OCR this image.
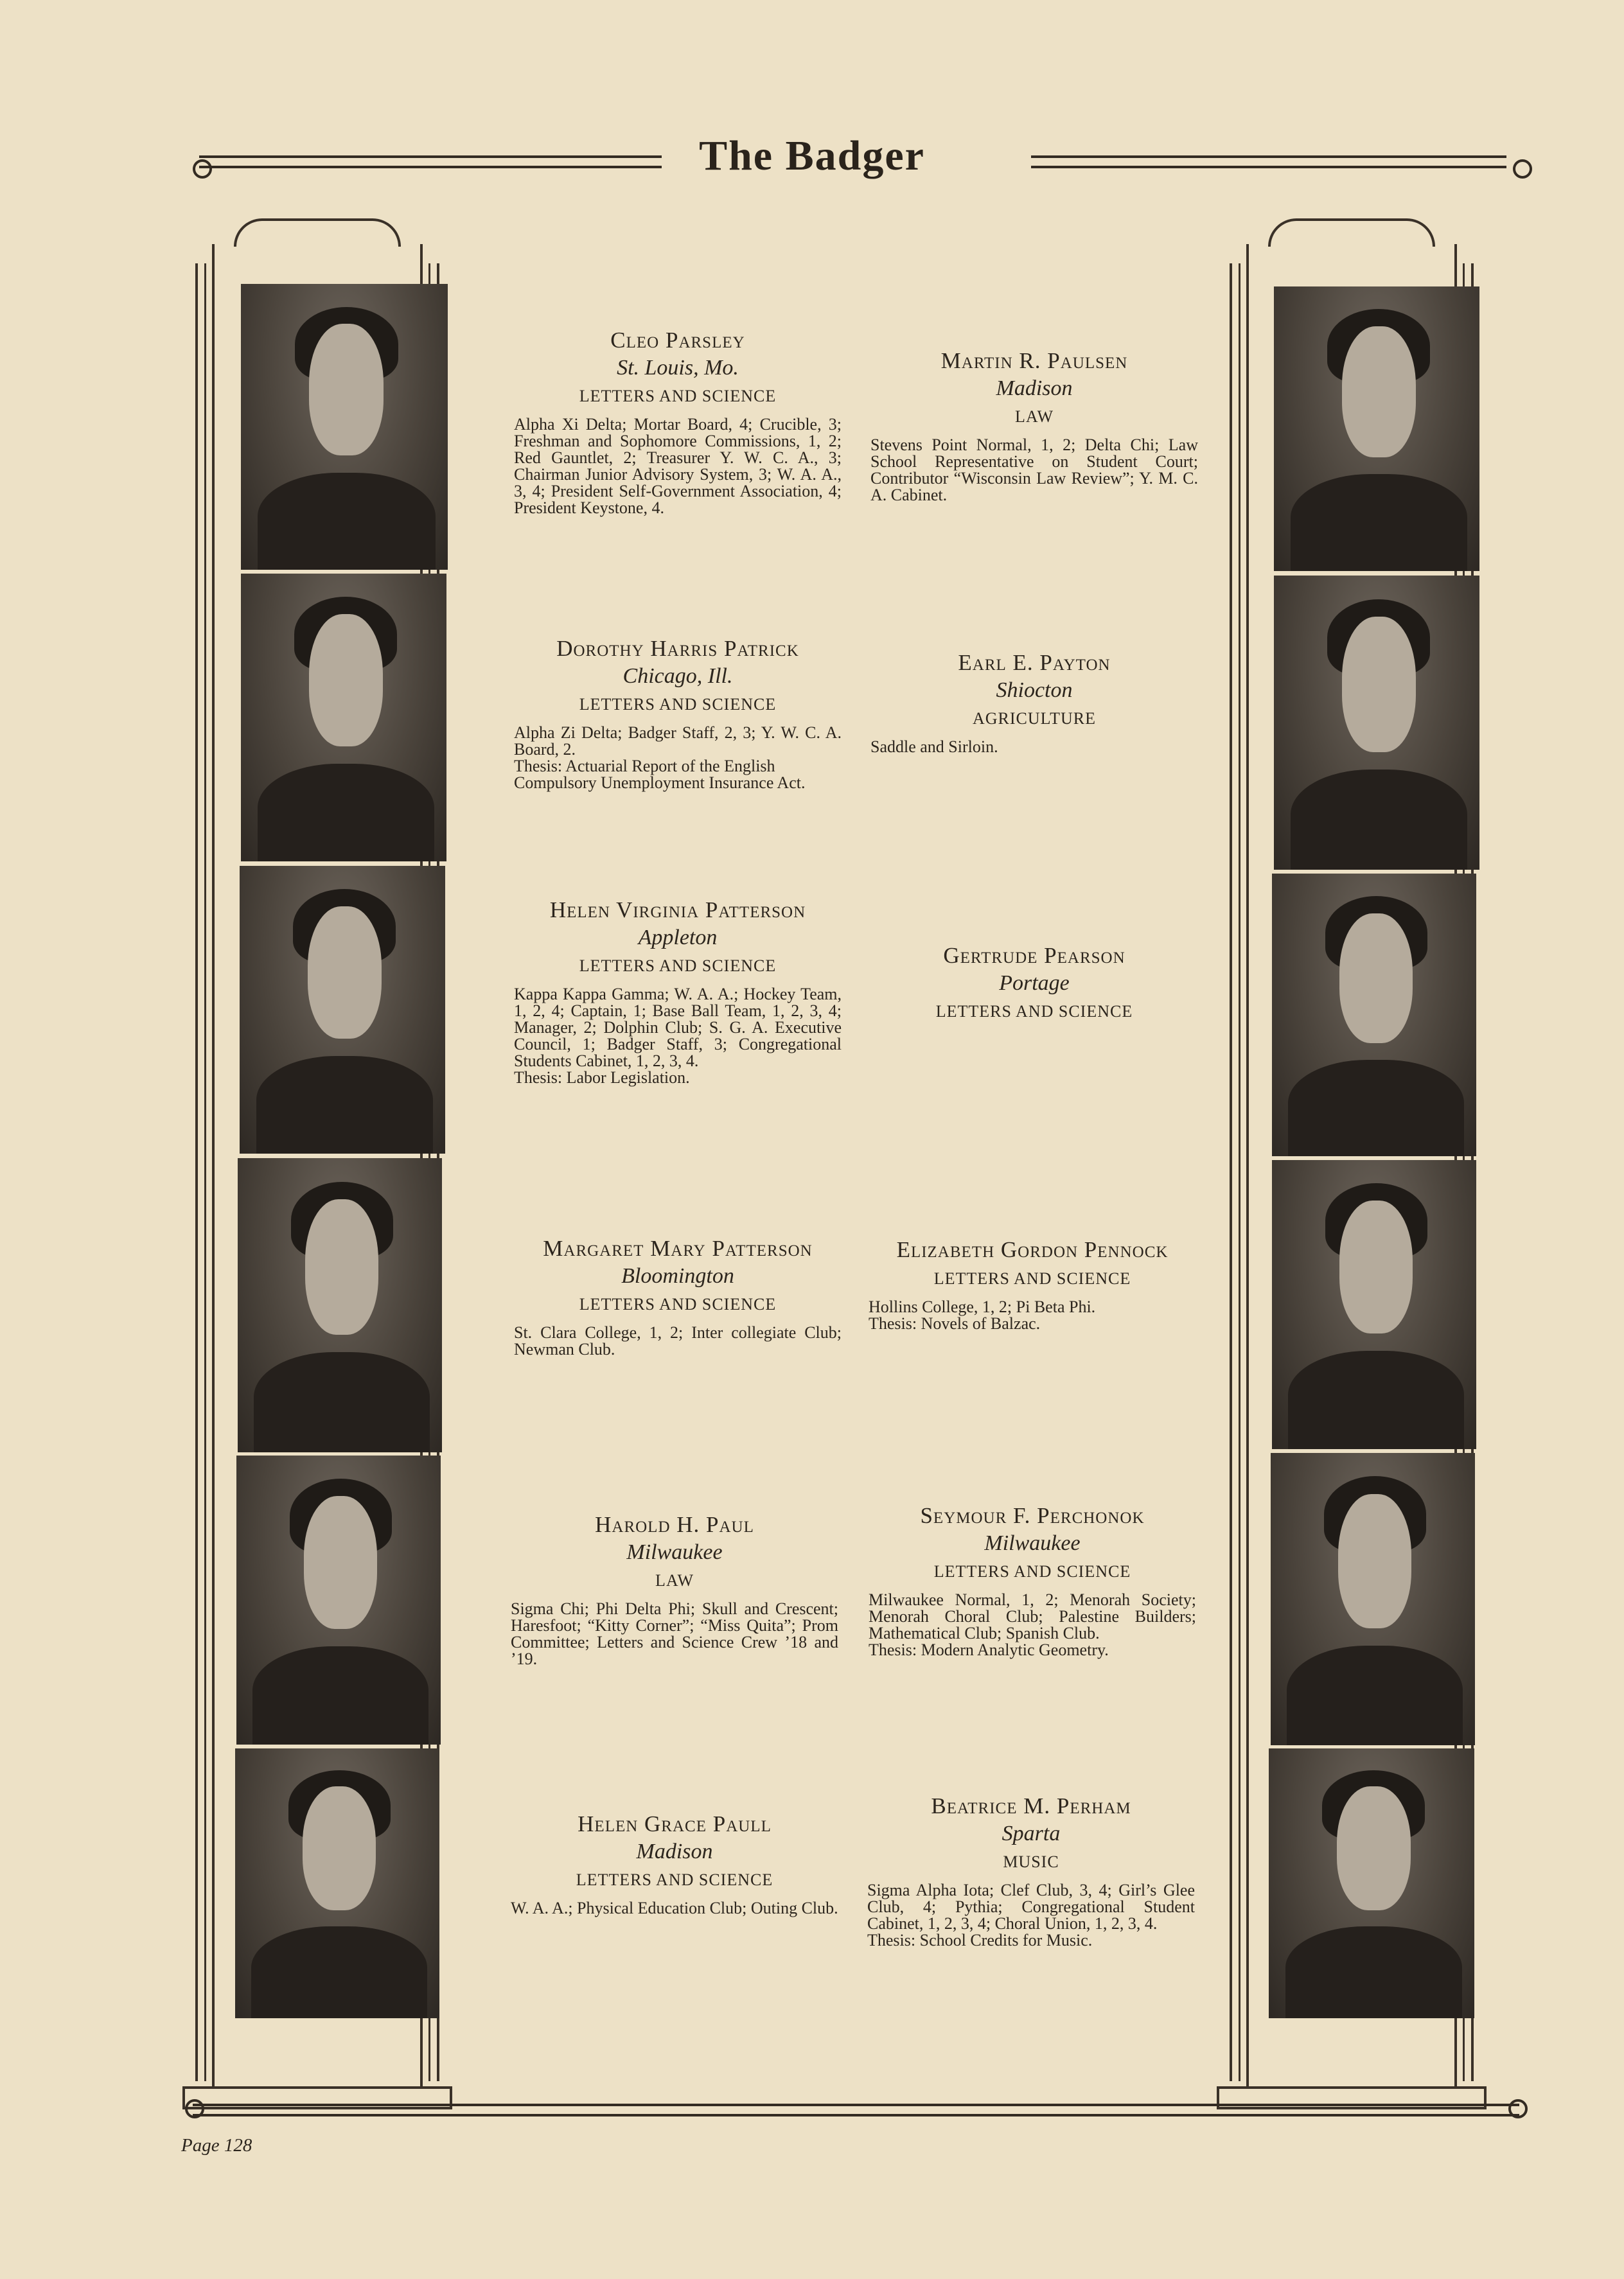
The Badger
Cleo Parsley
St. Louis, Mo.
LETTERS AND SCIENCE
Alpha Xi Delta; Mortar Board, 4; Crucible, 3; Freshman and Sophomore Commissions, 1, 2; Red Gauntlet, 2; Treasurer Y. W. C. A., 3; Chairman Junior Advisory System, 3; W. A. A., 3, 4; President Self-Government Association, 4; President Keystone, 4.
Dorothy Harris Patrick
Chicago, Ill.
LETTERS AND SCIENCE
Alpha Zi Delta; Badger Staff, 2, 3; Y. W. C. A. Board, 2.
Thesis: Actuarial Report of the English Compulsory Unemployment Insurance Act.
Helen Virginia Patterson
Appleton
LETTERS AND SCIENCE
Kappa Kappa Gamma; W. A. A.; Hockey Team, 1, 2, 4; Captain, 1; Base Ball Team, 1, 2, 3, 4; Manager, 2; Dolphin Club; S. G. A. Executive Council, 1; Badger Staff, 3; Congregational Students Cabinet, 1, 2, 3, 4.
Thesis: Labor Legislation.
Margaret Mary Patterson
Bloomington
LETTERS AND SCIENCE
St. Clara College, 1, 2; Inter collegiate Club; Newman Club.
Harold H. Paul
Milwaukee
LAW
Sigma Chi; Phi Delta Phi; Skull and Crescent; Haresfoot; “Kitty Corner”; “Miss Quita”; Prom Committee; Letters and Science Crew ’18 and ’19.
Helen Grace Paull
Madison
LETTERS AND SCIENCE
W. A. A.; Physical Education Club; Outing Club.
Martin R. Paulsen
Madison
LAW
Stevens Point Normal, 1, 2; Delta Chi; Law School Representative on Student Court; Contributor “Wisconsin Law Review”; Y. M. C. A. Cabinet.
Earl E. Payton
Shiocton
AGRICULTURE
Saddle and Sirloin.
Gertrude Pearson
Portage
LETTERS AND SCIENCE
Elizabeth Gordon Pennock
LETTERS AND SCIENCE
Hollins College, 1, 2; Pi Beta Phi.
Thesis: Novels of Balzac.
Seymour F. Perchonok
Milwaukee
LETTERS AND SCIENCE
Milwaukee Normal, 1, 2; Menorah Society; Menorah Choral Club; Palestine Builders; Mathematical Club; Spanish Club.
Thesis: Modern Analytic Geometry.
Beatrice M. Perham
Sparta
MUSIC
Sigma Alpha Iota; Clef Club, 3, 4; Girl’s Glee Club, 4; Pythia; Congregational Student Cabinet, 1, 2, 3, 4; Choral Union, 1, 2, 3, 4.
Thesis: School Credits for Music.
Page 128
